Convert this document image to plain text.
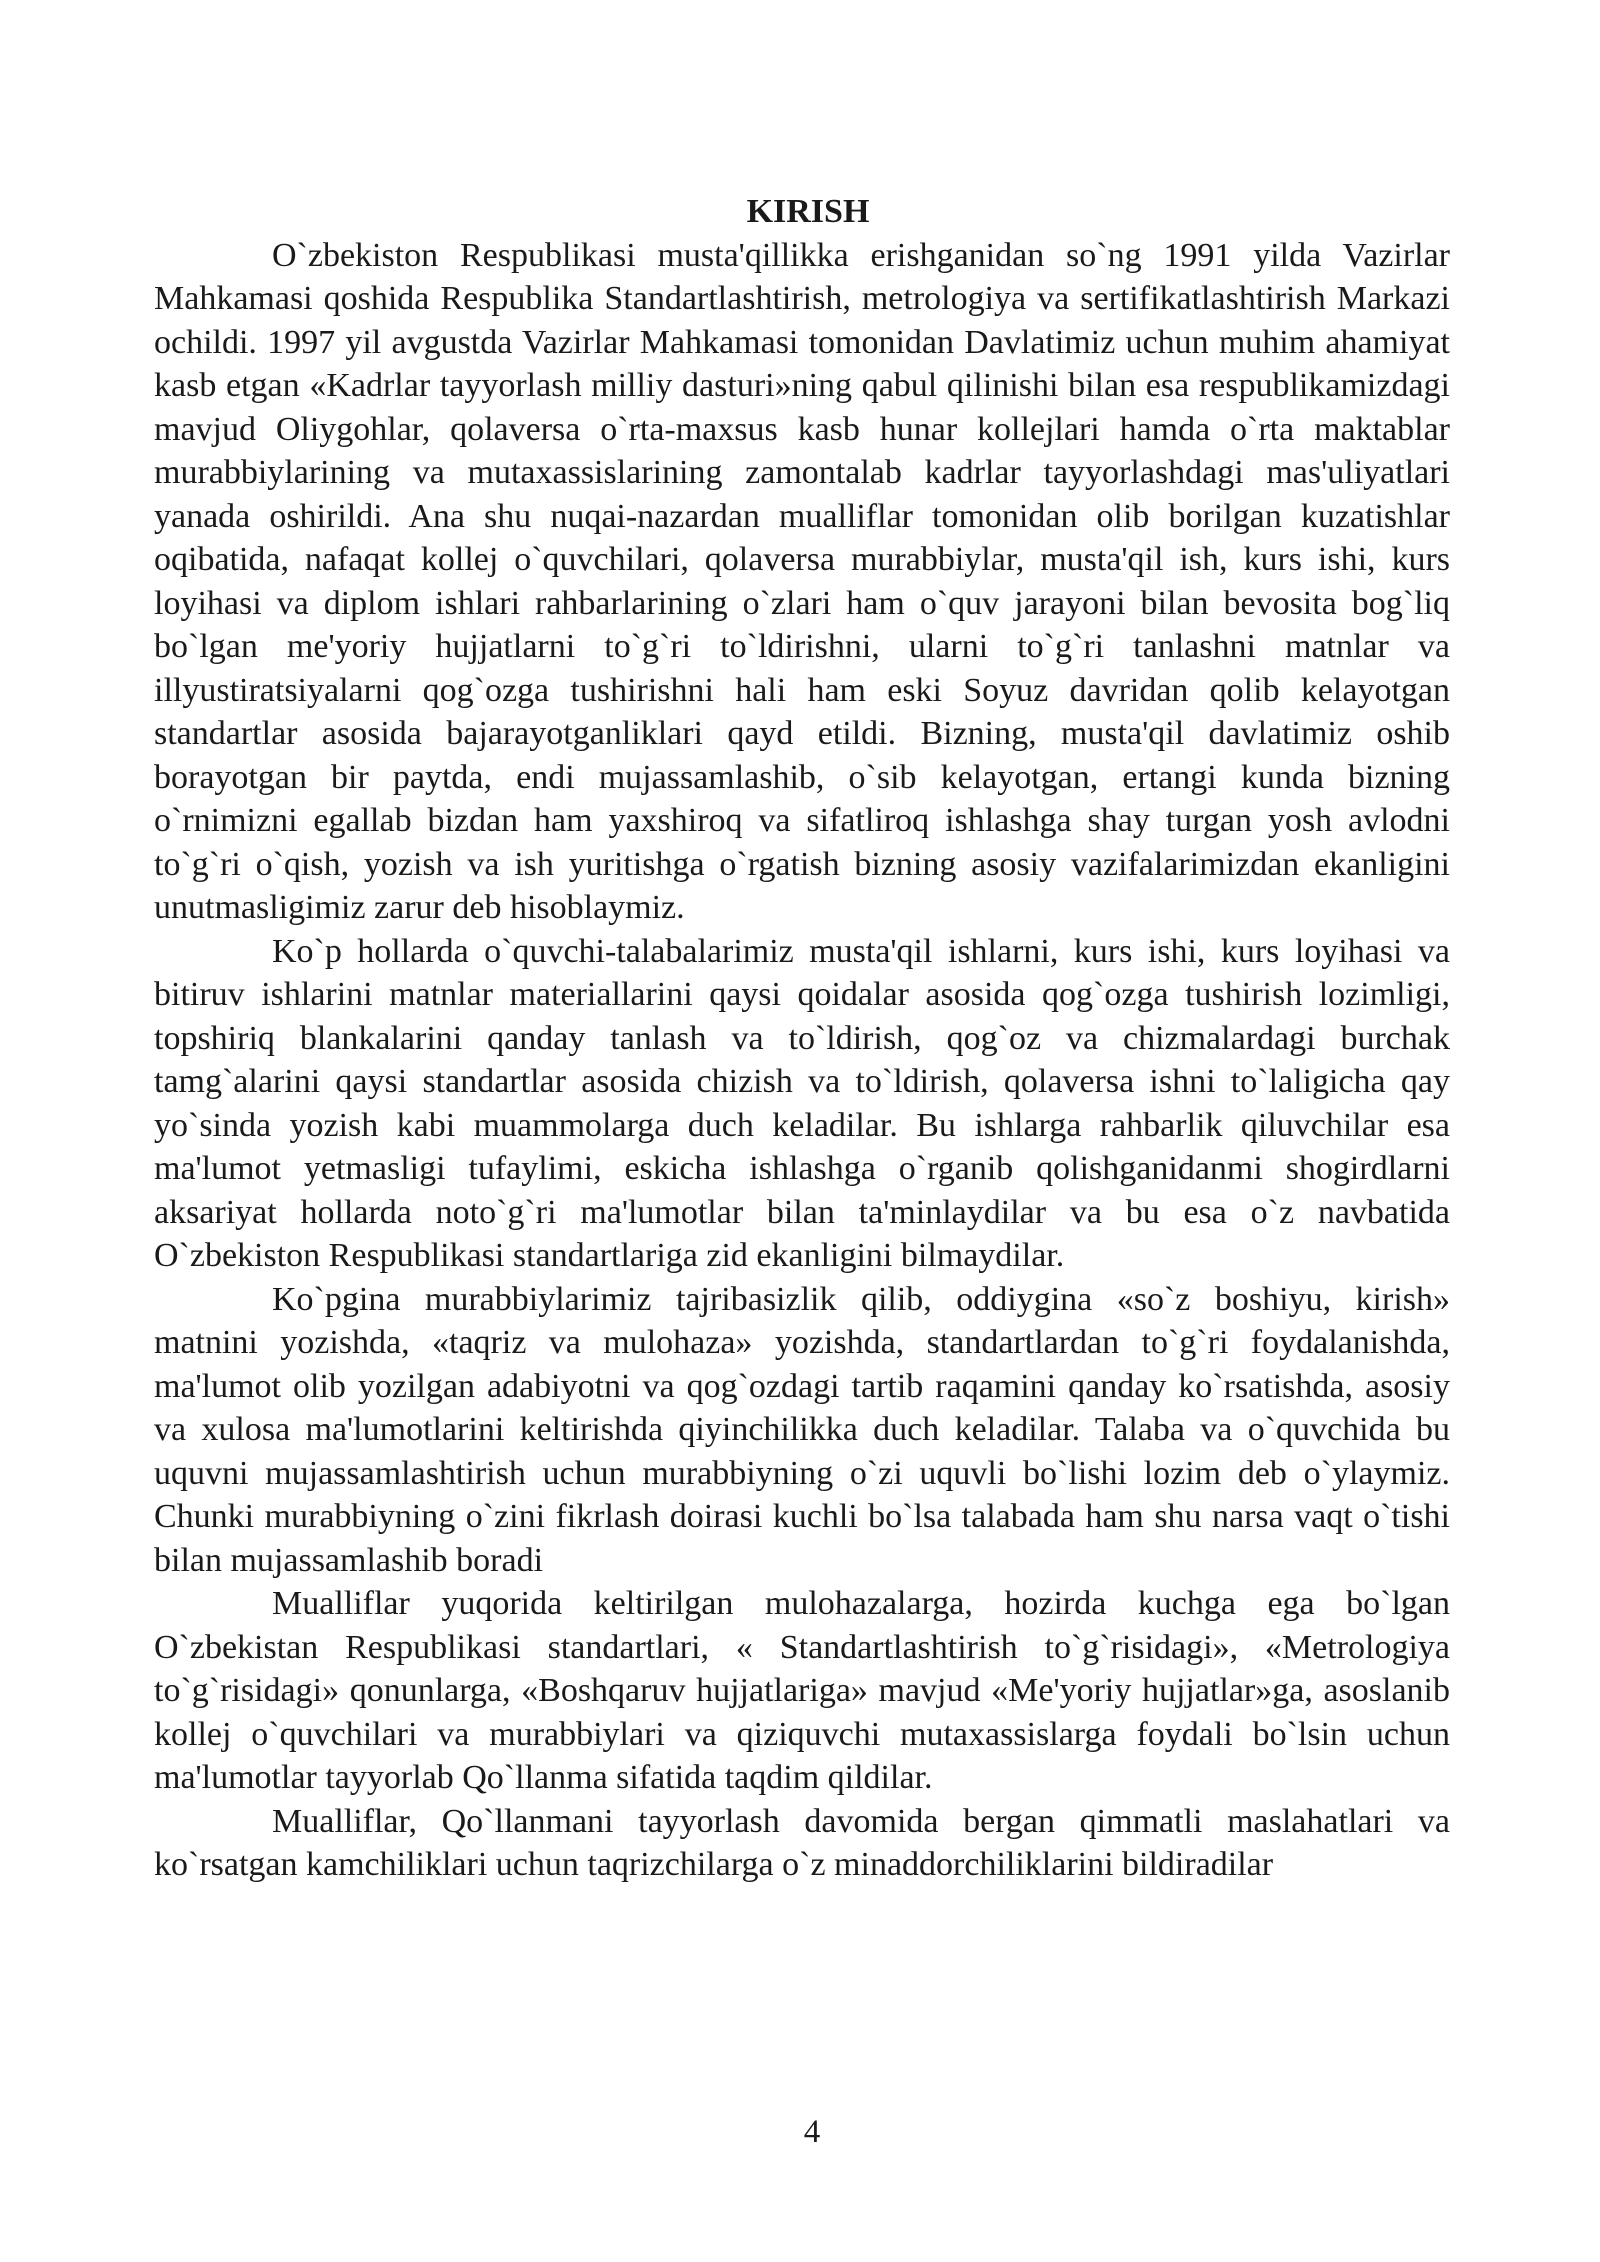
KIRISH

O`zbekiston Respublikasi musta'qillikka erishganidan so`ng 1991 yilda Vazirlar Mahkamasi qoshida Respublika Standartlashtirish, metrologiya va sertifikatlashtirish Markazi ochildi. 1997 yil avgustda Vazirlar Mahkamasi tomonidan Davlatimiz uchun muhim ahamiyat kasb etgan «Kadrlar tayyorlash milliy dasturi»ning qabul qilinishi bilan esa respublikamizdagi mavjud Oliygohlar, qolaversa o`rta-maxsus kasb hunar kollejlari hamda o`rta maktablar murabbiylarining va mutaxassislarining zamontalab kadrlar tayyorlashdagi mas'uliyatlari yanada oshirildi. Ana shu nuqai-nazardan mualliflar tomonidan olib borilgan kuzatishlar oqibatida, nafaqat kollej o`quvchilari, qolaversa murabbiylar, musta'qil ish, kurs ishi, kurs loyihasi va diplom ishlari rahbarlarining o`zlari ham o`quv jarayoni bilan bevosita bog`liq bo`lgan me'yoriy hujjatlarni to`g`ri to`ldirishni, ularni to`g`ri tanlashni matnlar va illyustiratsiyalarni qog`ozga tushirishni hali ham eski Soyuz davridan qolib kelayotgan standartlar asosida bajarayotganliklari qayd etildi. Bizning, musta'qil davlatimiz oshib borayotgan bir paytda, endi mujassamlashib, o`sib kelayotgan, ertangi kunda bizning o`rnimizni egallab bizdan ham yaxshiroq va sifatliroq ishlashga shay turgan yosh avlodni to`g`ri o`qish, yozish va ish yuritishga o`rgatish bizning asosiy vazifalarimizdan ekanligini unutmasligimiz zarur deb hisoblaymiz.

Ko`p hollarda o`quvchi-talabalarimiz musta'qil ishlarni, kurs ishi, kurs loyihasi va bitiruv ishlarini matnlar materiallarini qaysi qoidalar asosida qog`ozga tushirish lozimligi, topshiriq blankalarini qanday tanlash va to`ldirish, qog`oz va chizmalardagi burchak tamg`alarini qaysi standartlar asosida chizish va to`ldirish, qolaversa ishni to`laligicha qay yo`sinda yozish kabi muammolarga duch keladilar. Bu ishlarga rahbarlik qiluvchilar esa ma'lumot yetmasligi tufaylimi, eskicha ishlashga o`rganib qolishganidanmi shogirdlarni aksariyat hollarda noto`g`ri ma'lumotlar bilan ta'minlaydilar va bu esa o`z navbatida O`zbekiston Respublikasi standartlariga zid ekanligini bilmaydilar.

Ko`pgina murabbiylarimiz tajribasizlik qilib, oddiygina «so`z boshiyu, kirish» matnini yozishda, «taqriz va mulohaza» yozishda, standartlardan to`g`ri foydalanishda, ma'lumot olib yozilgan adabiyotni va qog`ozdagi tartib raqamini qanday ko`rsatishda, asosiy va xulosa ma'lumotlarini keltirishda qiyinchilikka duch keladilar. Talaba va o`quvchida bu uquvni mujassamlashtirish uchun murabbiyning o`zi uquvli bo`lishi lozim deb o`ylaymiz. Chunki murabbiyning o`zini fikrlash doirasi kuchli bo`lsa talabada ham shu narsa vaqt o`tishi bilan mujassamlashib boradi

Mualliflar yuqorida keltirilgan mulohazalarga, hozirda kuchga ega bo`lgan O`zbekistan Respublikasi standartlari, « Standartlashtirish to`g`risidagi», «Metrologiya to`g`risidagi» qonunlarga, «Boshqaruv hujjatlariga» mavjud «Me'yoriy hujjatlar»ga, asoslanib kollej o`quvchilari va murabbiylari va qiziquvchi mutaxassislarga foydali bo`lsin uchun ma'lumotlar tayyorlab Qo`llanma sifatida taqdim qildilar.

Mualliflar, Qo`llanmani tayyorlash davomida bergan qimmatli maslahatlari va ko`rsatgan kamchiliklari uchun taqrizchilarga o`z minaddorchiliklarini bildiradilar

4
